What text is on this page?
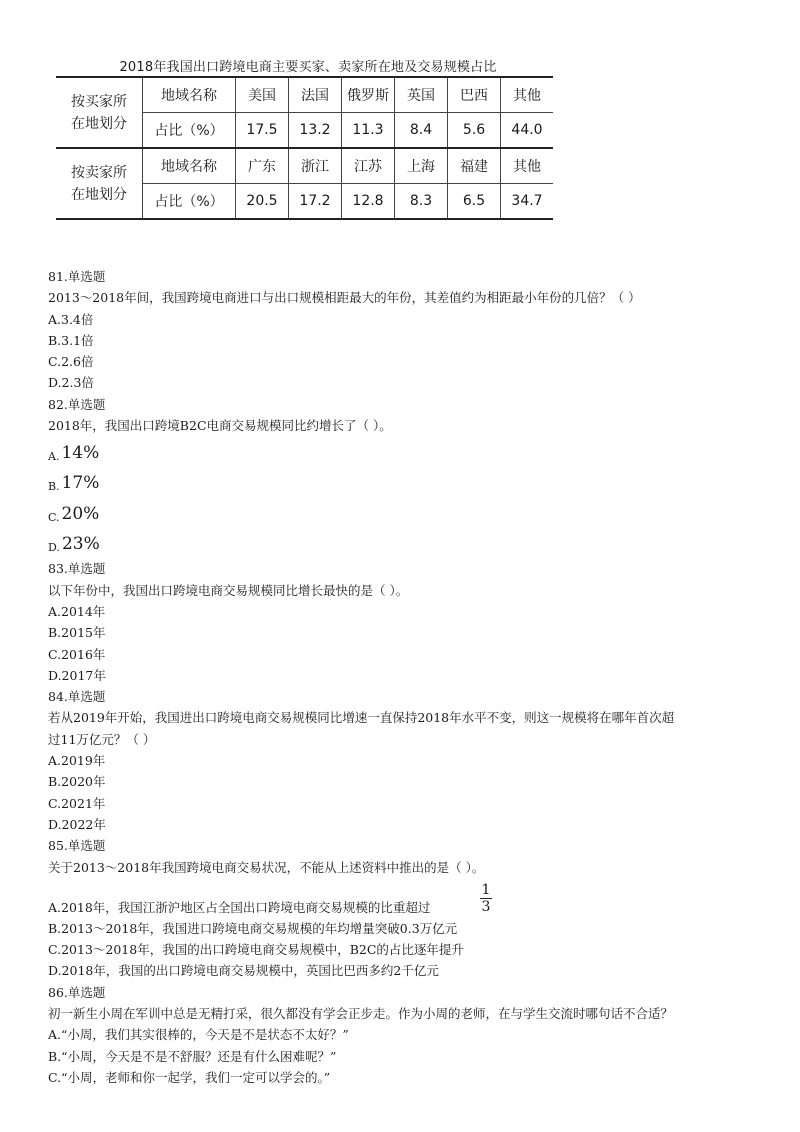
2018年我国出口跨境电商主要买家、卖家所在地及交易规模占比
按买家所
在地划分	地域名称	美国	法国	俄罗斯	英国	巴西	其他
	占比（%）	17.5	13.2	11.3	8.4	5.6	44.0

按卖家所
在地划分	地域名称	广东	浙江	江苏	上海	福建	其他
	占比（%）	20.5	17.2	12.8	8.3	6.5	34.7
81.单选题
2013～2018年间，我国跨境电商进口与出口规模相距最大的年份，其差值约为相距最小年份的几倍？（ ）
A.3.4倍
B.3.1倍
C.2.6倍
D.2.3倍
82.单选题
2018年，我国出口跨境B2C电商交易规模同比约增长了（ ）。
A. 14%
B. 17%
C. 20%
D. 23%
83.单选题
以下年份中，我国出口跨境电商交易规模同比增长最快的是（ ）。
A.2014年
B.2015年
C.2016年
D.2017年
84.单选题
若从2019年开始，我国进出口跨境电商交易规模同比增速一直保持2018年水平不变，则这一规模将在哪年首次超
过11万亿元？（ ）
A.2019年
B.2020年
C.2021年
D.2022年
85.单选题
关于2013～2018年我国跨境电商交易状况，不能从上述资料中推出的是（ ）。
A.2018年，我国江浙沪地区占全国出口跨境电商交易规模的比重超过	$\frac{1}{3}$
B.2013～2018年，我国进口跨境电商交易规模的年均增量突破0.3万亿元
C.2013～2018年，我国的出口跨境电商交易规模中，B2C的占比逐年提升
D.2018年，我国的出口跨境电商交易规模中，英国比巴西多约2千亿元
86.单选题
初一新生小周在军训中总是无精打采，很久都没有学会正步走。作为小周的老师，在与学生交流时哪句话不合适？
A.“小周，我们其实很棒的，今天是不是状态不太好？”
B.“小周，今天是不是不舒服？还是有什么困难呢？”
C.“小周，老师和你一起学，我们一定可以学会的。”
